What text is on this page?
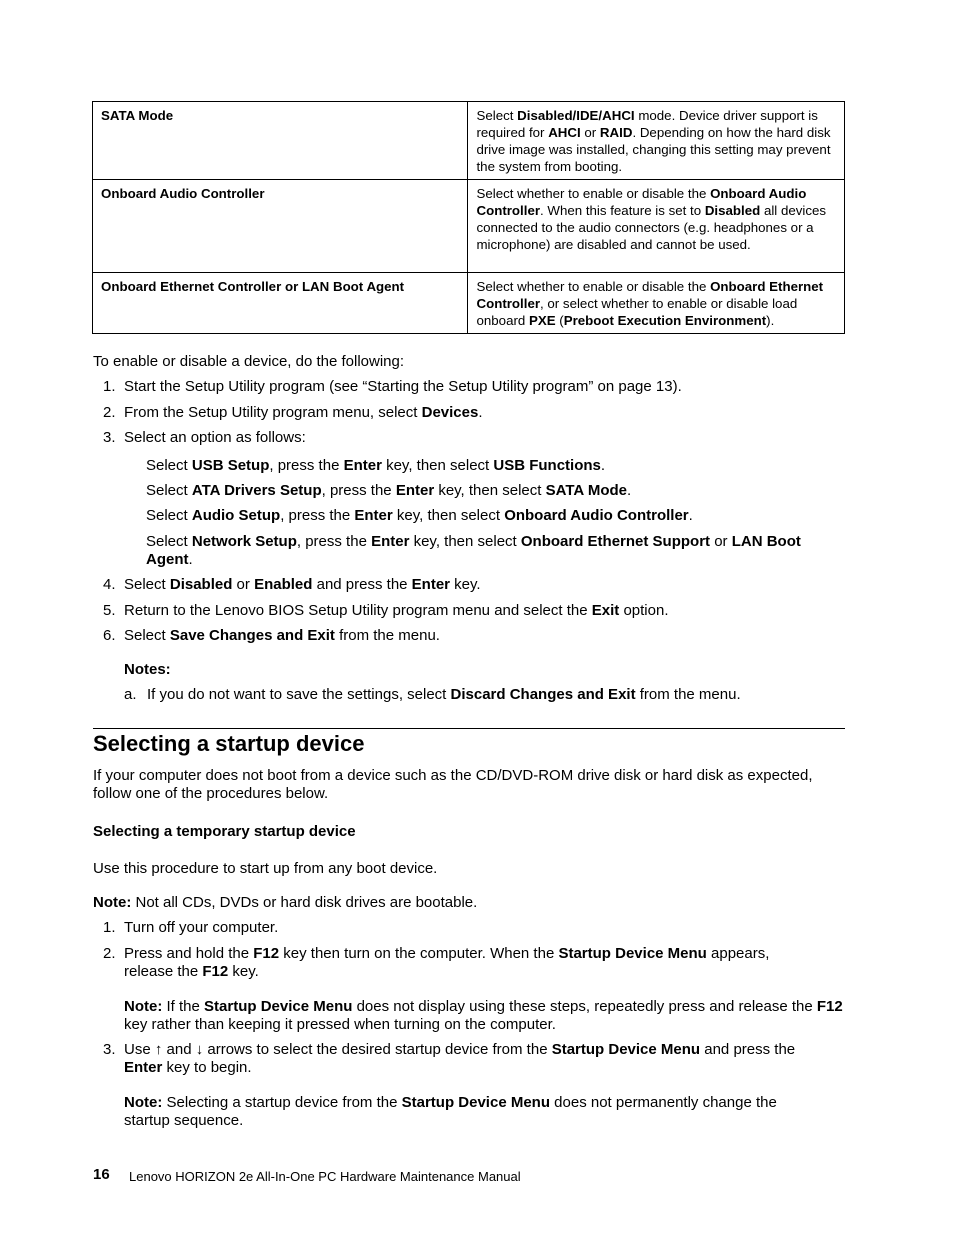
SATA Mode	Select Disabled/IDE/AHCI mode. Device driver support is required for AHCI or RAID. Depending on how the hard disk drive image was installed, changing this setting may prevent the system from booting.
Onboard Audio Controller	Select whether to enable or disable the Onboard Audio Controller. When this feature is set to Disabled all devices connected to the audio connectors (e.g. headphones or a microphone) are disabled and cannot be used.
Onboard Ethernet Controller or LAN Boot Agent	Select whether to enable or disable the Onboard Ethernet Controller, or select whether to enable or disable load onboard PXE (Preboot Execution Environment).
To enable or disable a device, do the following:
1. Start the Setup Utility program (see “Starting the Setup Utility program” on page 13).
2. From the Setup Utility program menu, select Devices.
3. Select an option as follows:
Select USB Setup, press the Enter key, then select USB Functions.
Select ATA Drivers Setup, press the Enter key, then select SATA Mode.
Select Audio Setup, press the Enter key, then select Onboard Audio Controller.
Select Network Setup, press the Enter key, then select Onboard Ethernet Support or LAN Boot Agent.
4. Select Disabled or Enabled and press the Enter key.
5. Return to the Lenovo BIOS Setup Utility program menu and select the Exit option.
6. Select Save Changes and Exit from the menu.
Notes:
a. If you do not want to save the settings, select Discard Changes and Exit from the menu.
Selecting a startup device
If your computer does not boot from a device such as the CD/DVD-ROM drive disk or hard disk as expected, follow one of the procedures below.
Selecting a temporary startup device
Use this procedure to start up from any boot device.
Note: Not all CDs, DVDs or hard disk drives are bootable.
1. Turn off your computer.
2. Press and hold the F12 key then turn on the computer. When the Startup Device Menu appears, release the F12 key.
Note: If the Startup Device Menu does not display using these steps, repeatedly press and release the F12 key rather than keeping it pressed when turning on the computer.
3. Use ↑ and ↓ arrows to select the desired startup device from the Startup Device Menu and press the Enter key to begin.
Note: Selecting a startup device from the Startup Device Menu does not permanently change the startup sequence.
16 Lenovo HORIZON 2e All-In-One PC Hardware Maintenance Manual
